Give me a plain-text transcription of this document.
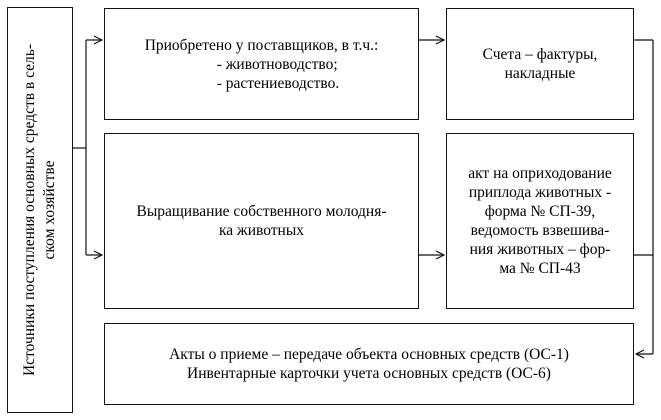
Источники поступления основных средств в сель- ском хозяйстве
Приобретено у поставщиков, в т.ч.:
- животноводство;
- растениеводство.
Счета – фактуры,
накладные
Выращивание собственного молодня-
ка животных
акт на оприходование
приплода животных -
форма № СП-39,
ведомость взвешива-
ния животных – фор-
ма № СП-43
Акты о приеме – передаче объекта основных средств (ОС-1)
Инвентарные карточки учета основных средств (ОС-6)
